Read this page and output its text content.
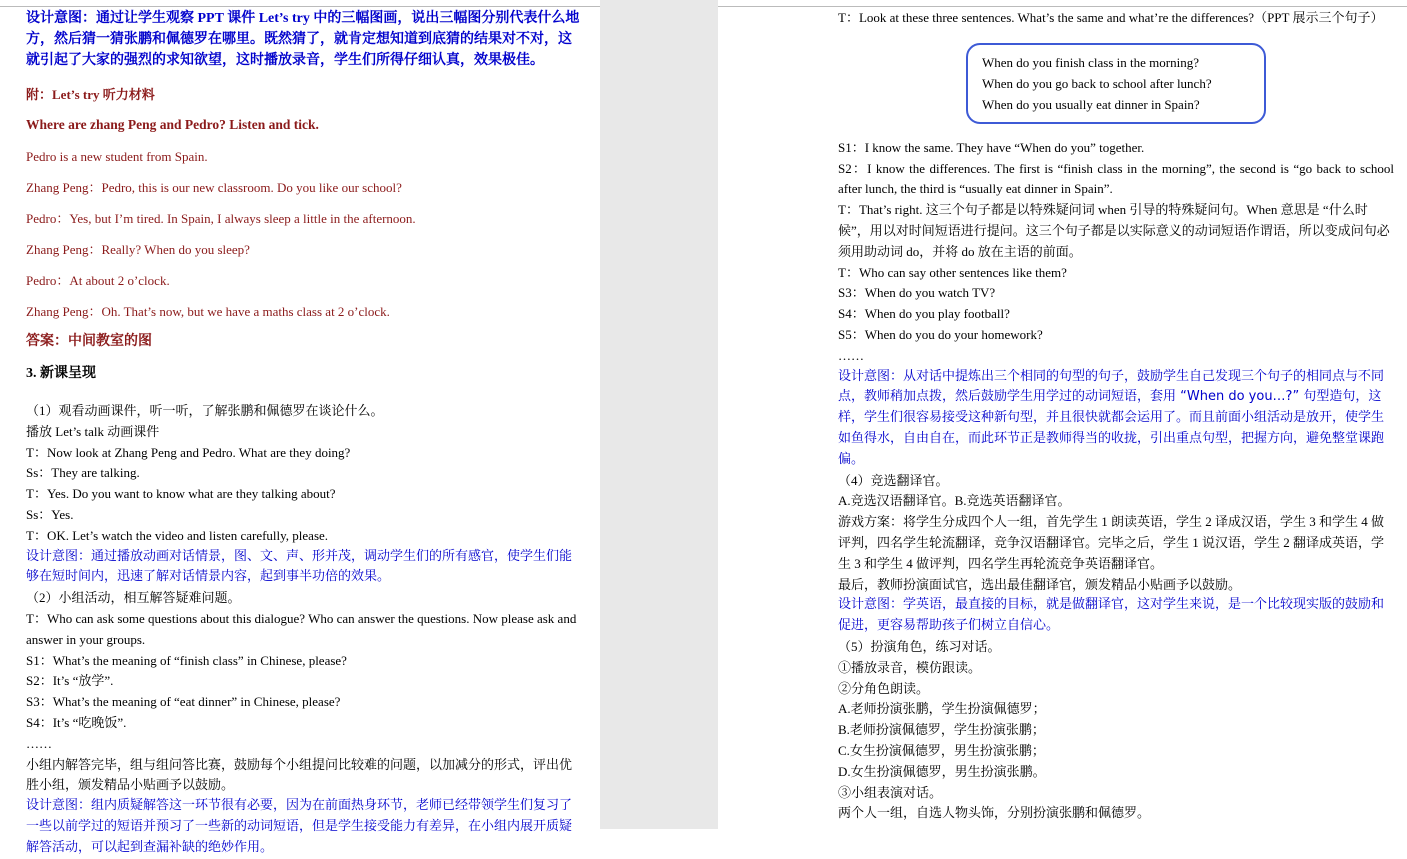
设计意图：通过让学生观察 PPT 课件 Let’s try 中的三幅图画，说出三幅图分别代表什么地方，然后猜一猜张鹏和佩德罗在哪里。既然猜了，就肯定想知道到底猜的结果对不对，这就引起了大家的强烈的求知欲望，这时播放录音，学生们所得仔细认真，效果极佳。

附：Let’s try 听力材料

Where are zhang Peng and Pedro? Listen and tick.

Pedro is a new student from Spain.

Zhang Peng：Pedro, this is our new classroom. Do you like our school?

Pedro：Yes, but I’m tired. In Spain, I always sleep a little in the afternoon.

Zhang Peng：Really? When do you sleep?

Pedro：At about 2 o’clock.

Zhang Peng：Oh. That’s now, but we have a maths class at 2 o’clock.

答案：中间教室的图

3. 新课呈现

（1）观看动画课件，听一听，了解张鹏和佩德罗在谈论什么。

播放 Let’s talk 动画课件

T：Now look at Zhang Peng and Pedro. What are they doing?

Ss：They are talking.

T：Yes. Do you want to know what are they talking about?

Ss：Yes.

T：OK. Let’s watch the video and listen carefully, please.

设计意图：通过播放动画对话情景，图、文、声、形并茂，调动学生们的所有感官，使学生们能够在短时间内，迅速了解对话情景内容，起到事半功倍的效果。

（2）小组活动，相互解答疑难问题。

T：Who can ask some questions about this dialogue? Who can answer the questions. Now please ask and answer in your groups.

S1：What’s the meaning of “finish class” in Chinese, please?

S2：It’s “放学”.

S3：What’s the meaning of “eat dinner” in Chinese, please?

S4：It’s “吃晚饭”.

……

小组内解答完毕，组与组问答比赛，鼓励每个小组提问比较难的问题，以加减分的形式，评出优胜小组，颁发精品小贴画予以鼓励。

设计意图：组内质疑解答这一环节很有必要，因为在前面热身环节，老师已经带领学生们复习了一些以前学过的短语并预习了一些新的动词短语，但是学生接受能力有差异，在小组内展开质疑解答活动，可以起到查漏补缺的绝妙作用。

T：Look at these three sentences. What’s the same and what’re the differences?（PPT 展示三个句子）

When do you finish class in the morning?

When do you go back to school after lunch?

When do you usually eat dinner in Spain?

S1：I know the same. They have “When do you” together.

S2：I know the differences. The first is “finish class in the morning”, the second is “go back to school after lunch, the third is “usually eat dinner in Spain”.

T：That’s right. 这三个句子都是以特殊疑问词 when 引导的特殊疑问句。When 意思是 “什么时候”，用以对时间短语进行提问。这三个句子都是以实际意义的动词短语作谓语，所以变成问句必须用助动词 do，并将 do 放在主语的前面。

T：Who can say other sentences like them?

S3：When do you watch TV?

S4：When do you play football?

S5：When do you do your homework?

……

设计意图：从对话中提炼出三个相同的句型的句子，鼓励学生自己发现三个句子的相同点与不同点，教师稍加点拨，然后鼓励学生用学过的动词短语，套用 “When do you…?” 句型造句，这样，学生们很容易接受这种新句型，并且很快就都会运用了。而且前面小组活动是放开，使学生如鱼得水，自由自在，而此环节正是教师得当的收拢，引出重点句型，把握方向，避免整堂课跑偏。

（4）竞选翻译官。

A.竞选汉语翻译官。B.竞选英语翻译官。

游戏方案：将学生分成四个人一组，首先学生 1 朗读英语，学生 2 译成汉语，学生 3 和学生 4 做评判，四名学生轮流翻译，竞争汉语翻译官。完毕之后，学生 1 说汉语，学生 2 翻译成英语，学生 3 和学生 4 做评判，四名学生再轮流竞争英语翻译官。

最后，教师扮演面试官，选出最佳翻译官，颁发精品小贴画予以鼓励。

设计意图：学英语，最直接的目标，就是做翻译官，这对学生来说，是一个比较现实版的鼓励和促进，更容易帮助孩子们树立自信心。

（5）扮演角色，练习对话。

①播放录音，模仿跟读。

②分角色朗读。

A.老师扮演张鹏，学生扮演佩德罗；

B.老师扮演佩德罗，学生扮演张鹏；

C.女生扮演佩德罗，男生扮演张鹏；

D.女生扮演佩德罗，男生扮演张鹏。

③小组表演对话。

两个人一组，自选人物头饰，分别扮演张鹏和佩德罗。
